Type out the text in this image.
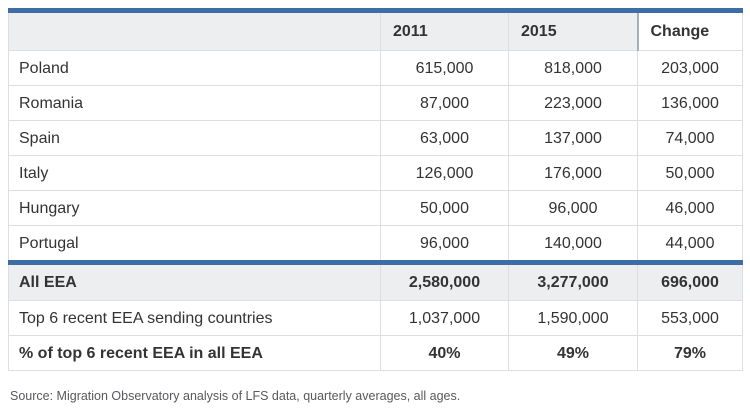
	2011	2015	Change
Poland	615,000	818,000	203,000
Romania	87,000	223,000	136,000
Spain	63,000	137,000	74,000
Italy	126,000	176,000	50,000
Hungary	50,000	96,000	46,000
Portugal	96,000	140,000	44,000
All EEA	2,580,000	3,277,000	696,000
Top 6 recent EEA sending countries	1,037,000	1,590,000	553,000
% of top 6 recent EEA in all EEA	40%	49%	79%
Source: Migration Observatory analysis of LFS data, quarterly averages, all ages.
